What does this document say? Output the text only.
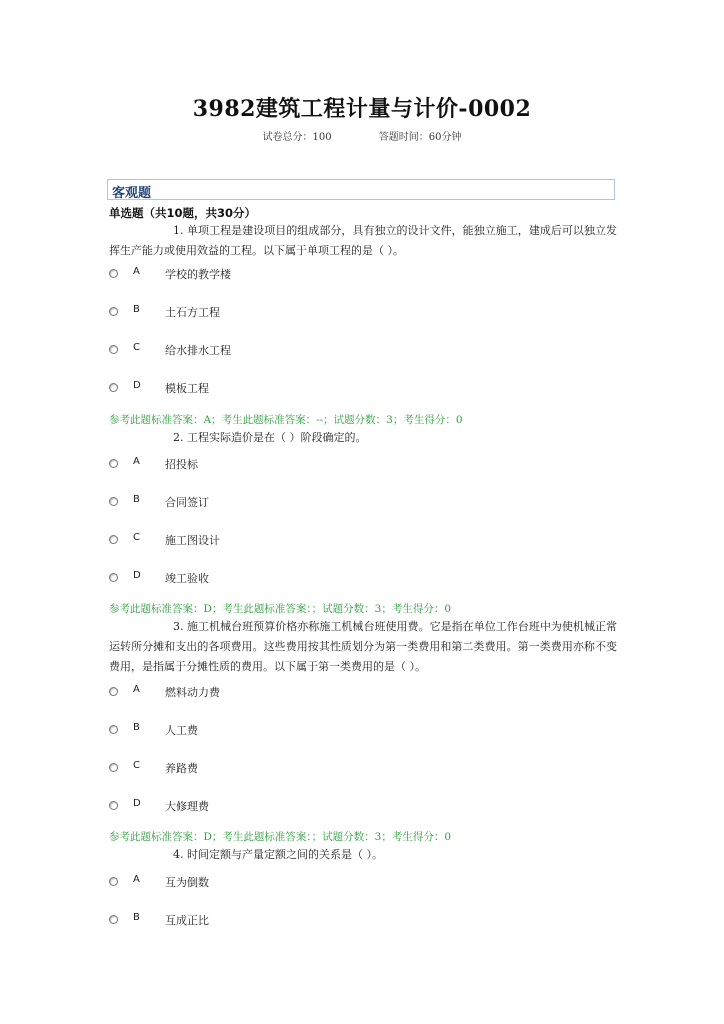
3982建筑工程计量与计价-0002
试卷总分：100	答题时间：60分钟
客观题
单选题（共10题，共30分）
1. 单项工程是建设项目的组成部分，具有独立的设计文件，能独立施工，建成后可以独立发挥生产能力或使用效益的工程。以下属于单项工程的是（ ）。
A	学校的教学楼
B	土石方工程
C	给水排水工程
D	模板工程
参考此题标准答案：A；考生此题标准答案：--；试题分数：3；考生得分：0
2. 工程实际造价是在（ ）阶段确定的。
A	招投标
B	合同签订
C	施工图设计
D	竣工验收
参考此题标准答案：D；考生此题标准答案：；试题分数：3；考生得分：0
3. 施工机械台班预算价格亦称施工机械台班使用费。它是指在单位工作台班中为使机械正常运转所分摊和支出的各项费用。这些费用按其性质划分为第一类费用和第二类费用。第一类费用亦称不变费用，是指属于分摊性质的费用。以下属于第一类费用的是（ ）。
A	燃料动力费
B	人工费
C	养路费
D	大修理费
参考此题标准答案：D；考生此题标准答案：；试题分数：3；考生得分：0
4. 时间定额与产量定额之间的关系是（ ）。
A	互为倒数
B	互成正比
